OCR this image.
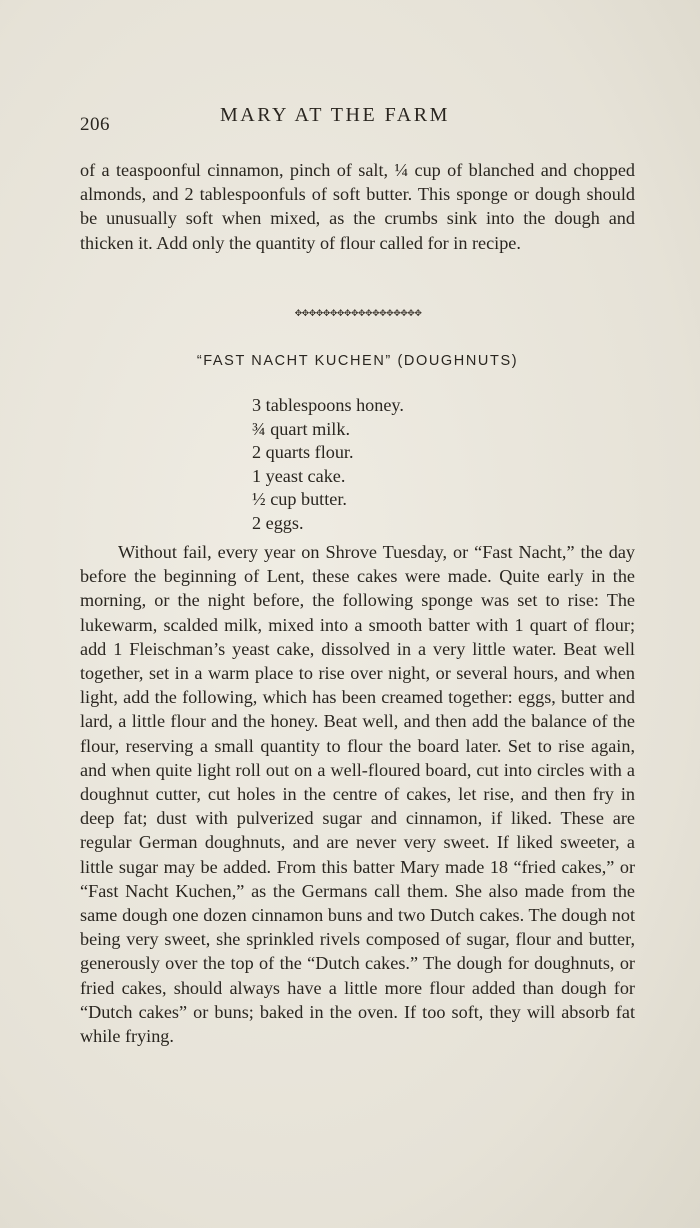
206	MARY AT THE FARM

of a teaspoonful cinnamon, pinch of salt, ¼ cup of blanched and chopped almonds, and 2 tablespoonfuls of soft butter. This sponge or dough should be unusually soft when mixed, as the crumbs sink into the dough and thicken it. Add only the quantity of flour called for in recipe.

✥✥✥✥✥✥✥✥✥✥✥✥✥✥✥✥✥✥
“FAST NACHT KUCHEN” (DOUGHNUTS)
3 tablespoons honey.
¾ quart milk.
2 quarts flour.
1 yeast cake.
½ cup butter.
2 eggs.

Without fail, every year on Shrove Tuesday, or “Fast Nacht,” the day before the beginning of Lent, these cakes were made. Quite early in the morning, or the night before, the following sponge was set to rise: The lukewarm, scalded milk, mixed into a smooth batter with 1 quart of flour; add 1 Fleischman’s yeast cake, dissolved in a very little water. Beat well together, set in a warm place to rise over night, or several hours, and when light, add the following, which has been creamed together: eggs, butter and lard, a little flour and the honey. Beat well, and then add the balance of the flour, reserving a small quantity to flour the board later. Set to rise again, and when quite light roll out on a well-floured board, cut into circles with a doughnut cutter, cut holes in the centre of cakes, let rise, and then fry in deep fat; dust with pulverized sugar and cinnamon, if liked. These are regular German doughnuts, and are never very sweet. If liked sweeter, a little sugar may be added. From this batter Mary made 18 “fried cakes,” or “Fast Nacht Kuchen,” as the Germans call them. She also made from the same dough one dozen cinnamon buns and two Dutch cakes. The dough not being very sweet, she sprinkled rivels composed of sugar, flour and butter, generously over the top of the “Dutch cakes.” The dough for doughnuts, or fried cakes, should always have a little more flour added than dough for “Dutch cakes” or buns; baked in the oven. If too soft, they will absorb fat while frying.
